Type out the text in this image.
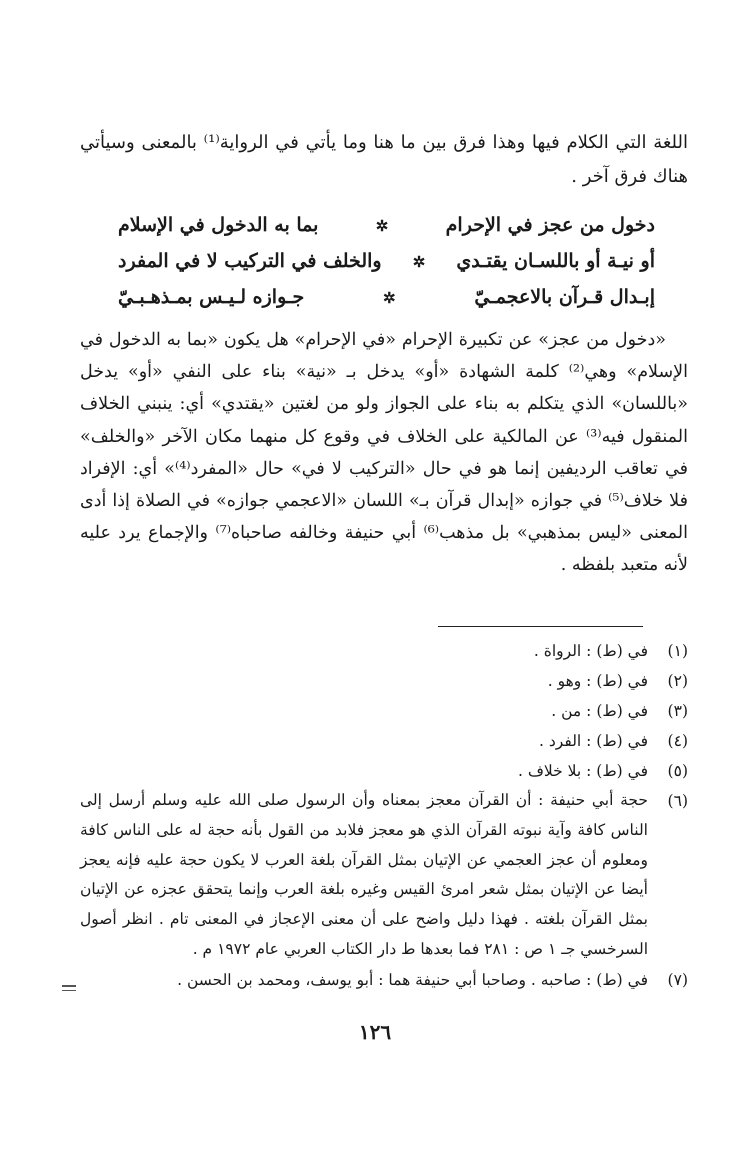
اللغة التي الكلام فيها وهذا فرق بين ما هنا وما يأتي في الرواية⁽¹⁾ بالمعنى وسيأتي هناك فرق آخر .

دخول من عجز في الإحرام
✲
بما به الدخول في الإسلام
أو نيـة أو باللسـان يقتـدي
✲
والخلف في التركيب لا في المفرد
إبـدال قـرآن بالاعجمـيّ
✲
جـوازه لـيـس بمـذهـبـيّ

«دخول من عجز» عن تكبيرة الإحرام «في الإحرام» هل يكون «بما به الدخول في الإسلام» وهي⁽²⁾ كلمة الشهادة «أو» يدخل بـ «نية» بناء على النفي «أو» يدخل «باللسان» الذي يتكلم به بناء على الجواز ولو من لغتين «يقتدي» أي: ينبني الخلاف المنقول فيه⁽³⁾ عن المالكية على الخلاف في وقوع كل منهما مكان الآخر «والخلف» في تعاقب الرديفين إنما هو في حال «التركيب لا في» حال «المفرد⁽⁴⁾» أي: الإفراد فلا خلاف⁽⁵⁾ في جوازه «إبدال قرآن بـ» اللسان «الاعجمي جوازه» في الصلاة إذا أدى المعنى «ليس بمذهبي» بل مذهب⁽⁶⁾ أبي حنيفة وخالفه صاحباه⁽⁷⁾ والإجماع يرد عليه لأنه متعبد بلفظه .

(١)
في (ط) : الرواة .
(٢)
في (ط) : وهو .
(٣)
في (ط) : من .
(٤)
في (ط) : الفرد .
(٥)
في (ط) : بلا خلاف .
(٦)
حجة أبي حنيفة : أن القرآن معجز بمعناه وأن الرسول صلى الله عليه وسلم أرسل إلى الناس كافة وآية نبوته القرآن الذي هو معجز فلابد من القول بأنه حجة له على الناس كافة ومعلوم أن عجز العجمي عن الإتيان بمثل القرآن بلغة العرب لا يكون حجة عليه فإنه يعجز أيضا عن الإتيان بمثل شعر امرئ القيس وغيره بلغة العرب وإنما يتحقق عجزه عن الإتيان بمثل القرآن بلغته . فهذا دليل واضح على أن معنى الإعجاز في المعنى تام . انظر أصول السرخسي جـ ١ ص : ٢٨١ فما بعدها ط دار الكتاب العربي عام ١٩٧٢ م .
(٧)
في (ط) : صاحبه . وصاحبا أبي حنيفة هما : أبو يوسف، ومحمد بن الحسن .
١٢٦
